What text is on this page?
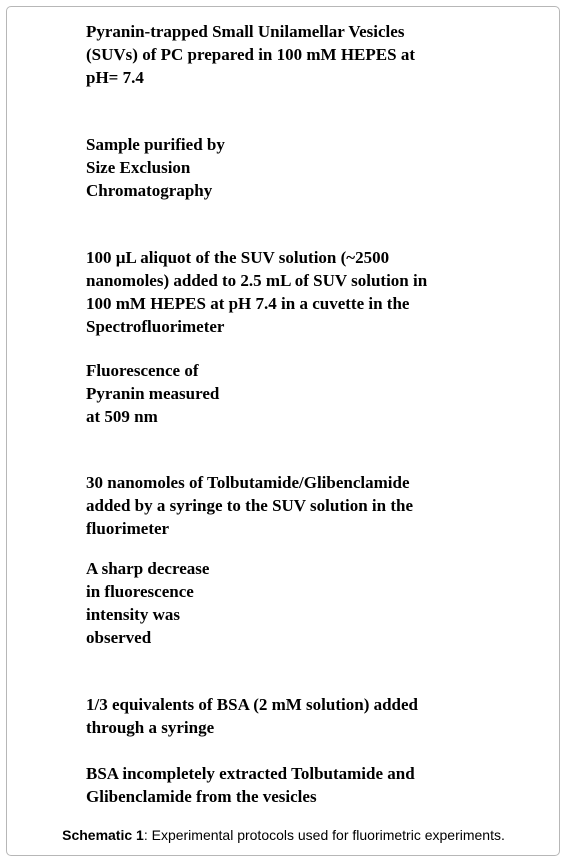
Pyranin-trapped Small Unilamellar Vesicles
(SUVs) of PC prepared in 100 mM HEPES at
pH= 7.4

Sample purified by
Size Exclusion
Chromatography

100 µL aliquot of the SUV solution (~2500
nanomoles) added to 2.5 mL of SUV solution in
100 mM HEPES at pH 7.4 in a cuvette in the
Spectrofluorimeter

Fluorescence of
Pyranin measured
at 509 nm

30 nanomoles of Tolbutamide/Glibenclamide
added by a syringe to the SUV solution in the
fluorimeter

A sharp decrease
in fluorescence
intensity was
observed

1/3 equivalents of BSA (2 mM solution) added
through a syringe

BSA incompletely extracted Tolbutamide and
Glibenclamide from the vesicles

Schematic 1: Experimental protocols used for fluorimetric experiments.
